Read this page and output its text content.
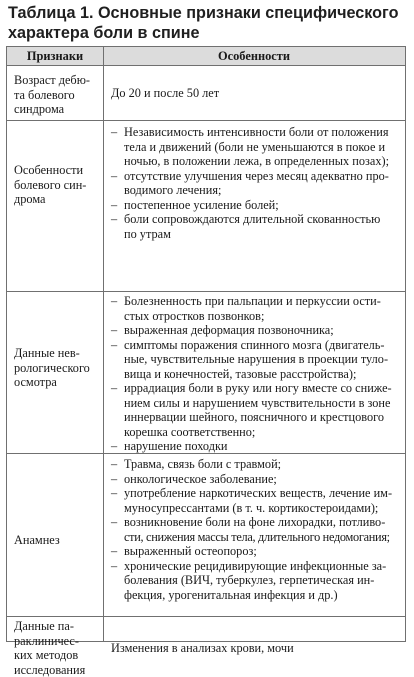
Таблица 1. Основные признаки специфического
характера боли в спине
Признаки	Особенности
Возраст дебю-
та болевого
синдрома
До 20 и после 50 лет
Особенности
болевого син-
дрома
– Независимость интенсивности боли от положения
тела и движений (боли не уменьшаются в покое и
ночью, в положении лежа, в определенных позах);
– отсутствие улучшения через месяц адекватно про-
водимого лечения;
– постепенное усиление болей;
– боли сопровождаются длительной скованностью
по утрам
Данные нев-
рологического
осмотра
– Болезненность при пальпации и перкуссии ости-
стых отростков позвонков;
– выраженная деформация позвоночника;
– симптомы поражения спинного мозга (двигатель-
ные, чувствительные нарушения в проекции туло-
вища и конечностей, тазовые расстройства);
– иррадиация боли в руку или ногу вместе со сниже-
нием силы и нарушением чувствительности в зоне
иннервации шейного, поясничного и крестцового
корешка соответственно;
– нарушение походки
Анамнез
– Травма, связь боли с травмой;
– онкологическое заболевание;
– употребление наркотических веществ, лечение им-
муносупрессантами (в т. ч. кортикостероидами);
– возникновение боли на фоне лихорадки, потливо-
сти, снижения массы тела, длительного недомогания;
– выраженный остеопороз;
– хронические рецидивирующие инфекционные за-
болевания (ВИЧ, туберкулез, герпетическая ин-
фекция, урогенитальная инфекция и др.)
Данные па-
раклиничес-
ких методов
исследования
Изменения в анализах крови, мочи
